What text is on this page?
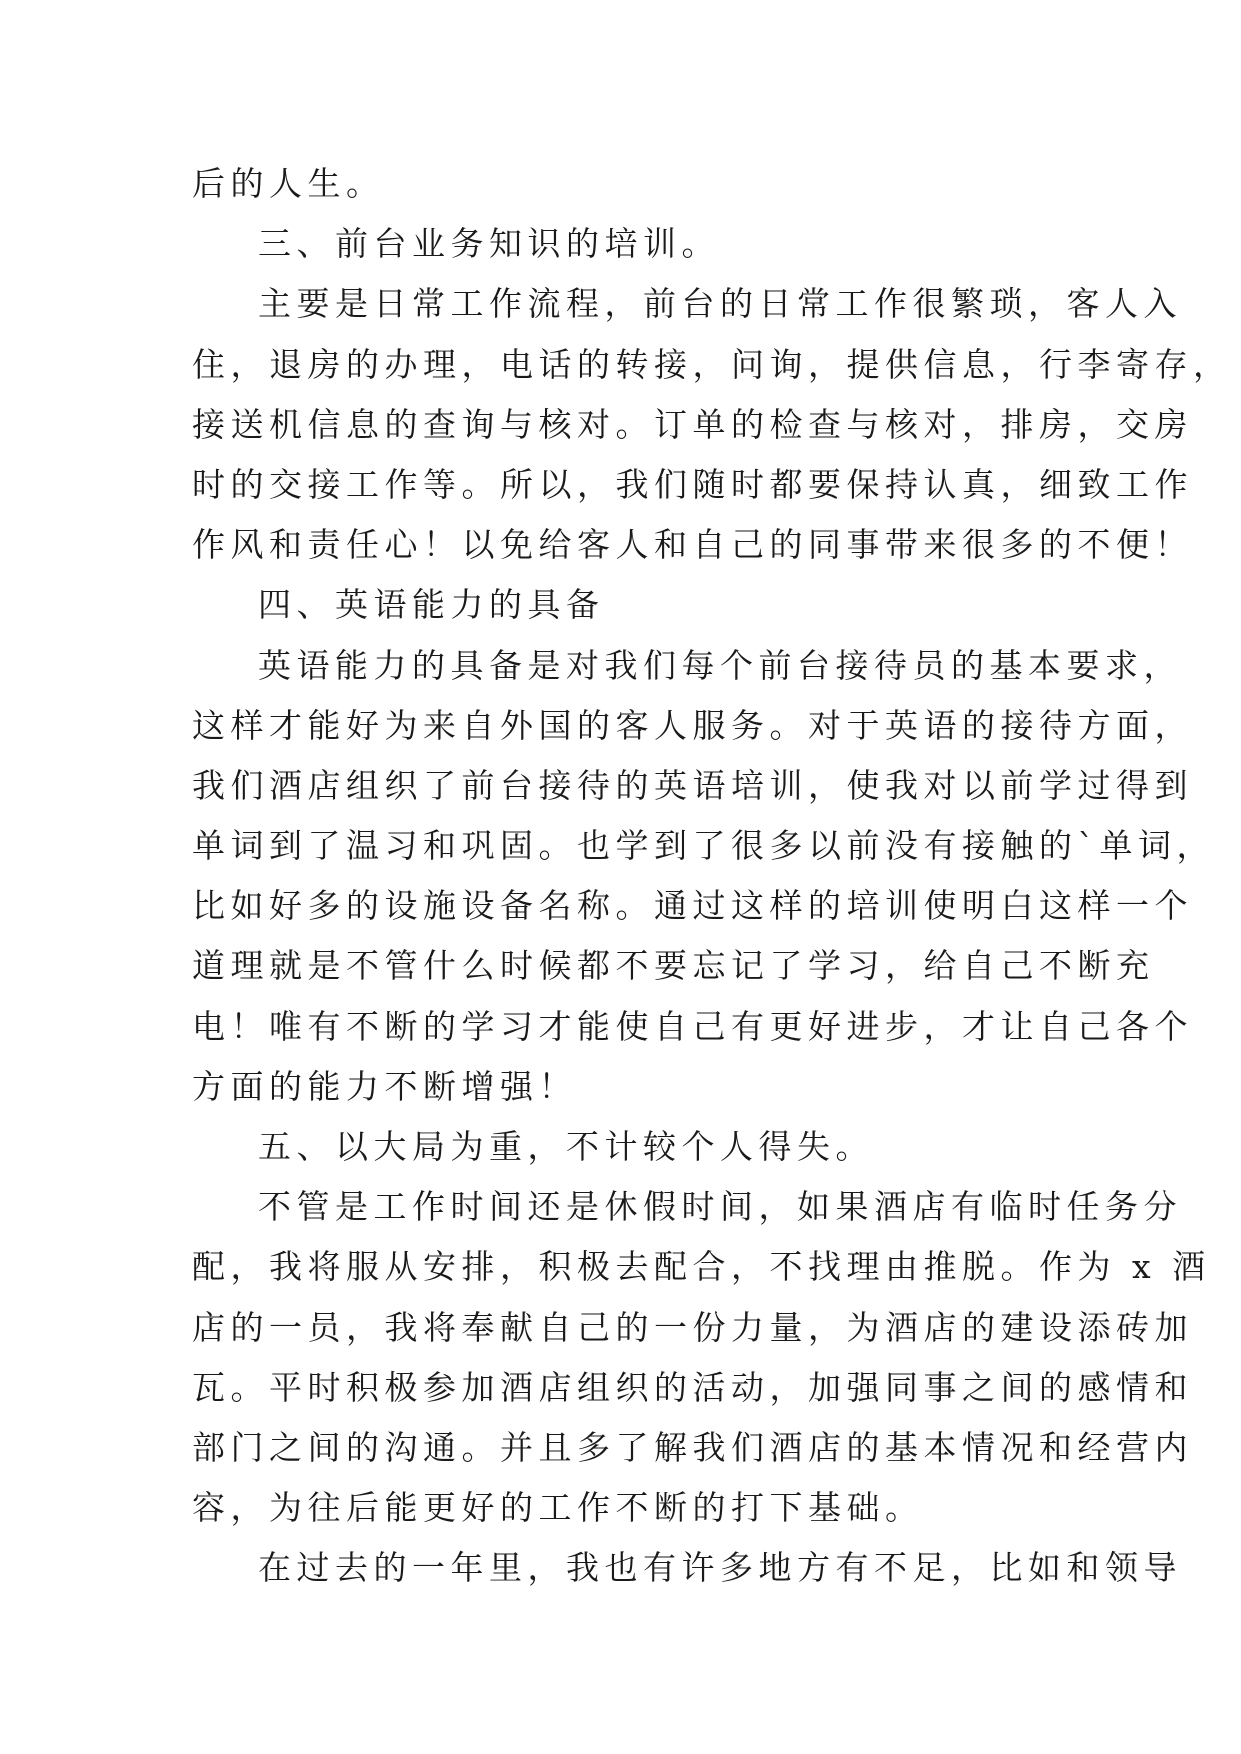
后的人生。
三、前台业务知识的培训。
主要是日常工作流程，前台的日常工作很繁琐，客人入
住，退房的办理，电话的转接，问询，提供信息，行李寄存，
接送机信息的查询与核对。订单的检查与核对，排房，交房
时的交接工作等。所以，我们随时都要保持认真，细致工作
作风和责任心！以免给客人和自己的同事带来很多的不便！
四、英语能力的具备
英语能力的具备是对我们每个前台接待员的基本要求，
这样才能好为来自外国的客人服务。对于英语的接待方面，
我们酒店组织了前台接待的英语培训，使我对以前学过得到
单词到了温习和巩固。也学到了很多以前没有接触的`单词，
比如好多的设施设备名称。通过这样的培训使明白这样一个
道理就是不管什么时候都不要忘记了学习，给自己不断充
电！唯有不断的学习才能使自己有更好进步，才让自己各个
方面的能力不断增强！
五、以大局为重，不计较个人得失。
不管是工作时间还是休假时间，如果酒店有临时任务分
配，我将服从安排，积极去配合，不找理由推脱。作为 x 酒
店的一员，我将奉献自己的一份力量，为酒店的建设添砖加
瓦。平时积极参加酒店组织的活动，加强同事之间的感情和
部门之间的沟通。并且多了解我们酒店的基本情况和经营内
容，为往后能更好的工作不断的打下基础。
在过去的一年里，我也有许多地方有不足，比如和领导
